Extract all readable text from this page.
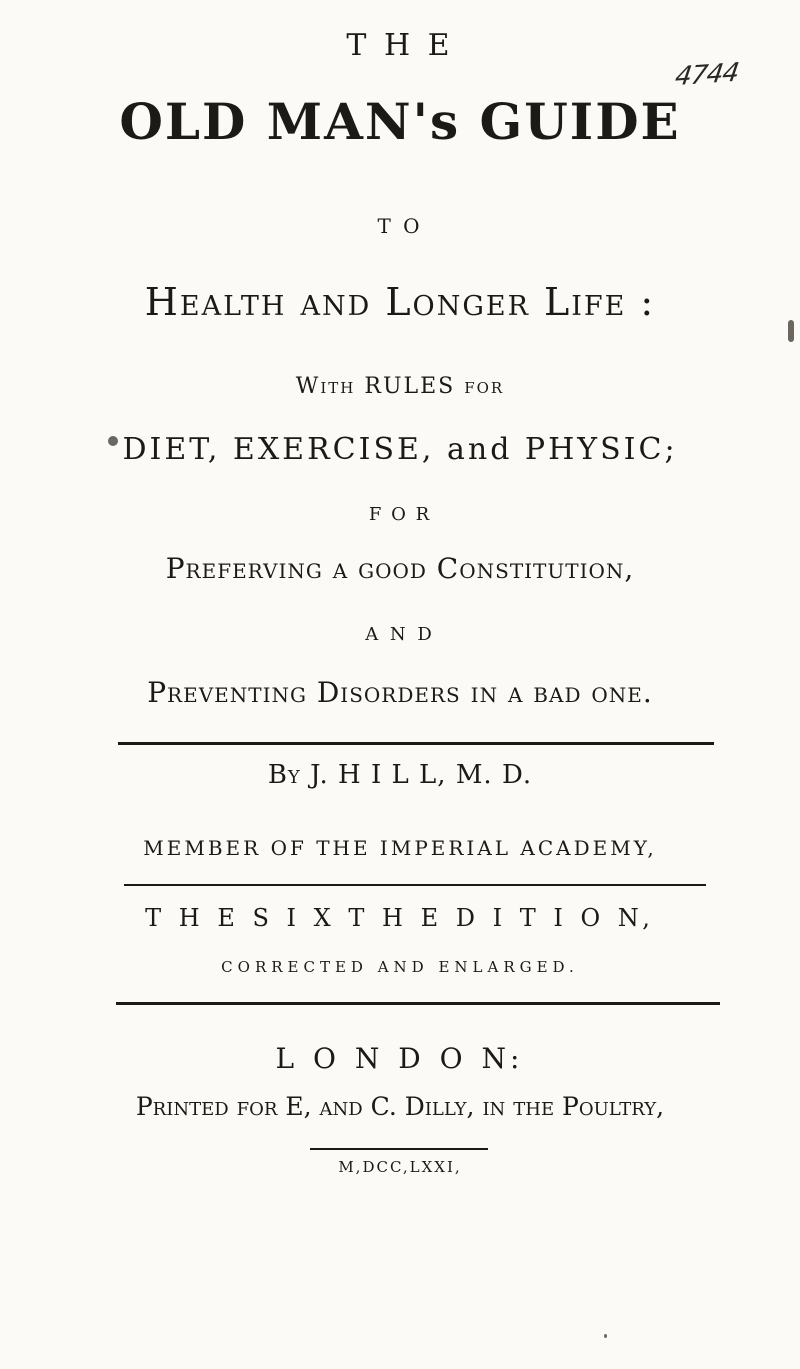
4744
T H E
OLD MAN's GUIDE
T O
Health and Longer Life :
With RULES for
DIET, EXERCISE, and PHYSIC;
F O R
Preferving a good Constitution,
A N D
Preventing Disorders in a bad one.
By J. H I L L, M. D.
MEMBER OF THE IMPERIAL ACADEMY,
T H E S I X T H E D I T I O N,
CORRECTED AND ENLARGED.
L O N D O N:
Printed for E, and C. Dilly, in the Poultry,
M,DCC,LXXI,
